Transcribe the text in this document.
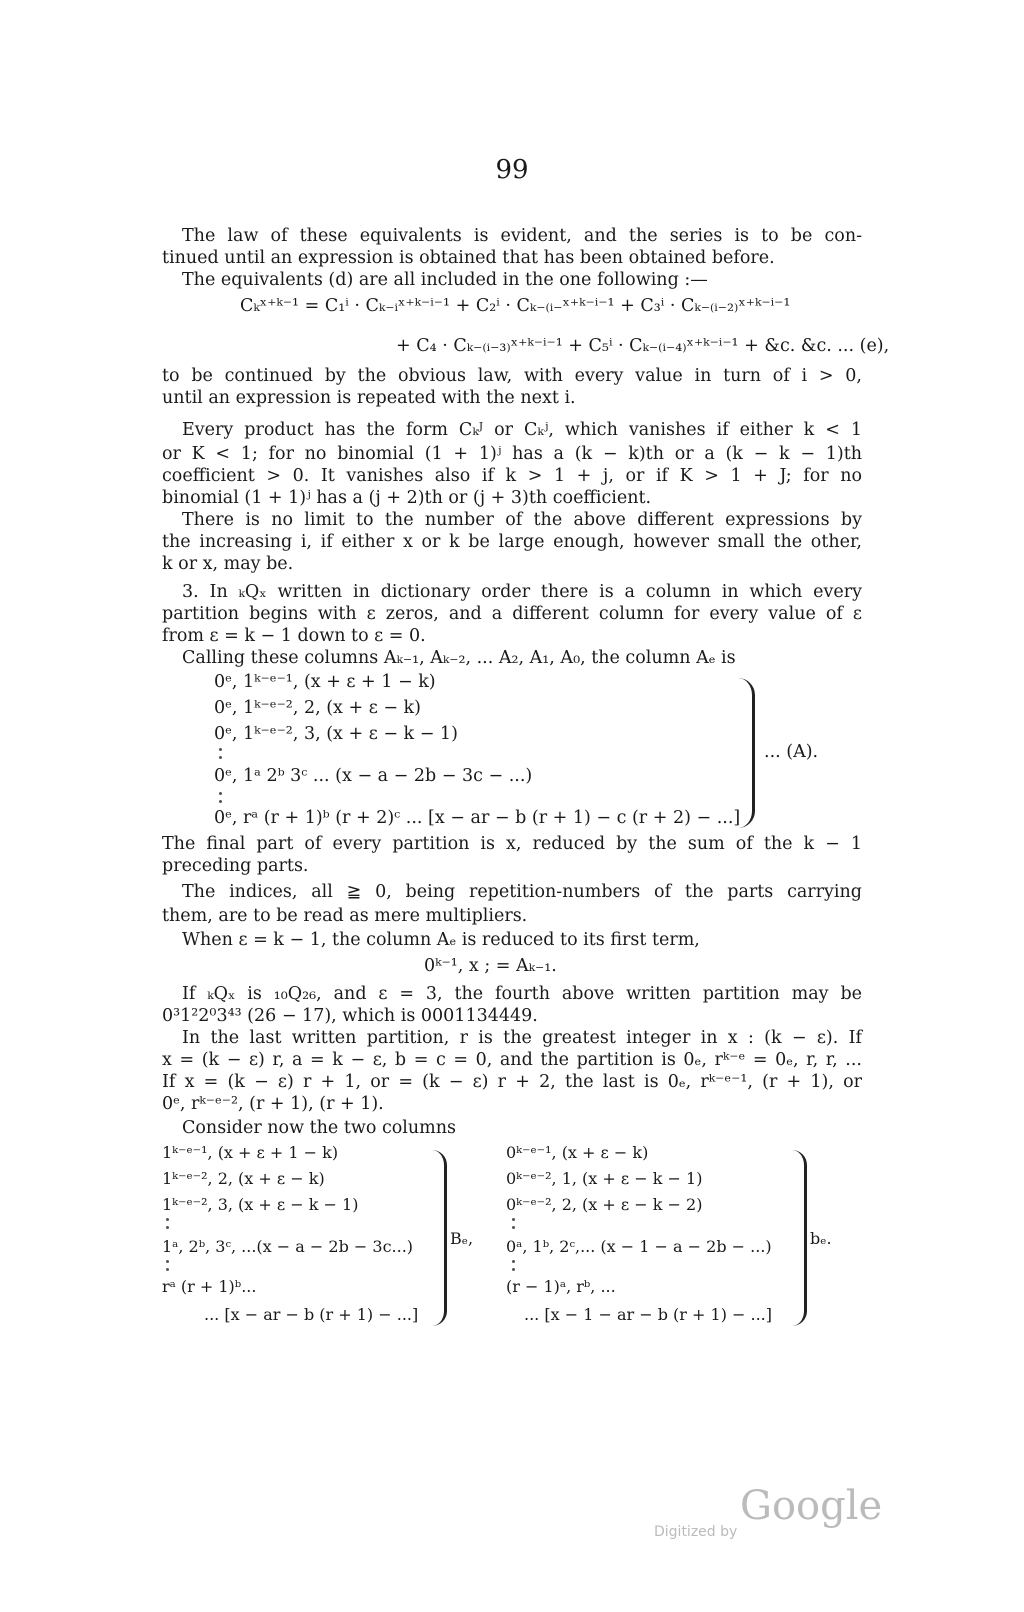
99
The law of these equivalents is evident, and the series is to be con-
tinued until an expression is obtained that has been obtained before.
The equivalents (d) are all included in the one following :—
Cₖˣ⁺ᵏ⁻¹ = C₁ⁱ · Cₖ₋ᵢˣ⁺ᵏ⁻ⁱ⁻¹ + C₂ⁱ · Cₖ₋₍ᵢ₋ˣ⁺ᵏ⁻ⁱ⁻¹ + C₃ⁱ · Cₖ₋₍ᵢ₋₂₎ˣ⁺ᵏ⁻ⁱ⁻¹
+ C₄ · Cₖ₋₍ᵢ₋₃₎ˣ⁺ᵏ⁻ⁱ⁻¹ + C₅ⁱ · Cₖ₋₍ᵢ₋₄₎ˣ⁺ᵏ⁻ⁱ⁻¹ + &c. &c. ... (e),
to be continued by the obvious law, with every value in turn of i > 0,
until an expression is repeated with the next i.
Every product has the form Cₖᴶ or Cₖʲ, which vanishes if either k < 1
or K < 1; for no binomial (1 + 1)ʲ has a (k − k)th or a (k − k − 1)th
coefficient > 0. It vanishes also if k > 1 + j, or if K > 1 + J; for no
binomial (1 + 1)ʲ has a (j + 2)th or (j + 3)th coefficient.
There is no limit to the number of the above different expressions by
the increasing i, if either x or k be large enough, however small the other,
k or x, may be.
3. In ₖQₓ written in dictionary order there is a column in which every
partition begins with ε zeros, and a different column for every value of ε
from ε = k − 1 down to ε = 0.
Calling these columns Aₖ₋₁, Aₖ₋₂, ... A₂, A₁, A₀, the column Aₑ is
0ᵉ, 1ᵏ⁻ᵉ⁻¹, (x + ε + 1 − k)
0ᵉ, 1ᵏ⁻ᵉ⁻², 2, (x + ε − k)
0ᵉ, 1ᵏ⁻ᵉ⁻², 3, (x + ε − k − 1)
0ᵉ, 1ᵃ 2ᵇ 3ᶜ ... (x − a − 2b − 3c − ...)
0ᵉ, rᵃ (r + 1)ᵇ (r + 2)ᶜ ... [x − ar − b (r + 1) − c (r + 2) − ...]
... (A).
The final part of every partition is x, reduced by the sum of the k − 1
preceding parts.
The indices, all ≧ 0, being repetition-numbers of the parts carrying
them, are to be read as mere multipliers.
When ε = k − 1, the column Aₑ is reduced to its first term,
0ᵏ⁻¹, x ; = Aₖ₋₁.
If ₖQₓ is ₁₀Q₂₆, and ε = 3, the fourth above written partition may be
0³1²2⁰3⁴³ (26 − 17), which is 0001134449.
In the last written partition, r is the greatest integer in x : (k − ε). If
x = (k − ε) r, a = k − ε, b = c = 0, and the partition is 0ₑ, rᵏ⁻ᵉ = 0ₑ, r, r, ...
If x = (k − ε) r + 1, or = (k − ε) r + 2, the last is 0ₑ, rᵏ⁻ᵉ⁻¹, (r + 1), or
0ᵉ, rᵏ⁻ᵉ⁻², (r + 1), (r + 1).
Consider now the two columns
1ᵏ⁻ᵉ⁻¹, (x + ε + 1 − k)
1ᵏ⁻ᵉ⁻², 2, (x + ε − k)
1ᵏ⁻ᵉ⁻², 3, (x + ε − k − 1)
1ᵃ, 2ᵇ, 3ᶜ, ...(x − a − 2b − 3c...)
rᵃ (r + 1)ᵇ...
... [x − ar − b (r + 1) − ...]
Bₑ,
0ᵏ⁻ᵉ⁻¹, (x + ε − k)
0ᵏ⁻ᵉ⁻², 1, (x + ε − k − 1)
0ᵏ⁻ᵉ⁻², 2, (x + ε − k − 2)
0ᵃ, 1ᵇ, 2ᶜ,... (x − 1 − a − 2b − ...)
(r − 1)ᵃ, rᵇ, ...
... [x − 1 − ar − b (r + 1) − ...]
bₑ.
Digitized by
Google
